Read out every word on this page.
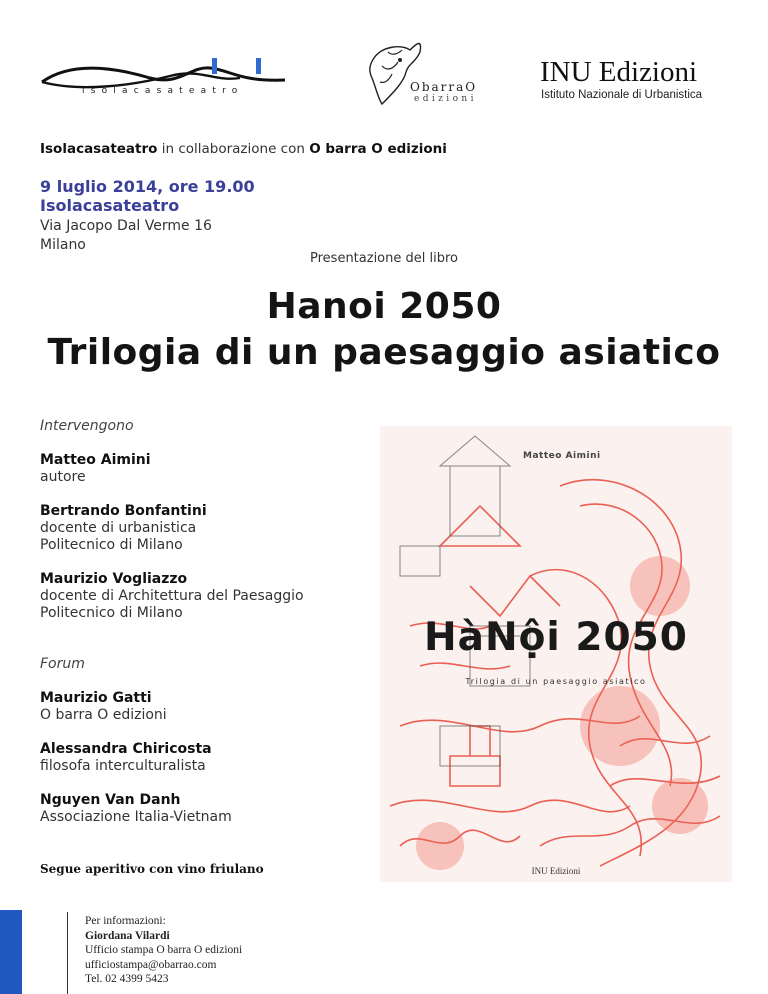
isolacasateatro	ObarraO
edizioni
INU Edizioni
Istituto Nazionale di Urbanistica
Isolacasateatro in collaborazione con O barra O edizioni
9 luglio 2014, ore 19.00
Isolacasateatro
Via Jacopo Dal Verme 16
Milano
Presentazione del libro
Hanoi 2050
Trilogia di un paesaggio asiatico
Intervengono
Matteo Aimini
autore
Bertrando Bonfantini
docente di urbanistica
Politecnico di Milano
Maurizio Vogliazzo
docente di Architettura del Paesaggio
Politecnico di Milano
Forum
Maurizio Gatti
O barra O edizioni
Alessandra Chiricosta
filosofa interculturalista
Nguyen Van Danh
Associazione Italia-Vietnam
Segue aperitivo con vino friulano
Per informazioni:
Giordana Vilardi
Ufficio stampa O barra O edizioni
ufficiostampa@obarrao.com
Tel. 02 4399 5423
Matteo Aimini
HàNội 2050
Trilogia di un paesaggio asiatico
INU Edizioni
